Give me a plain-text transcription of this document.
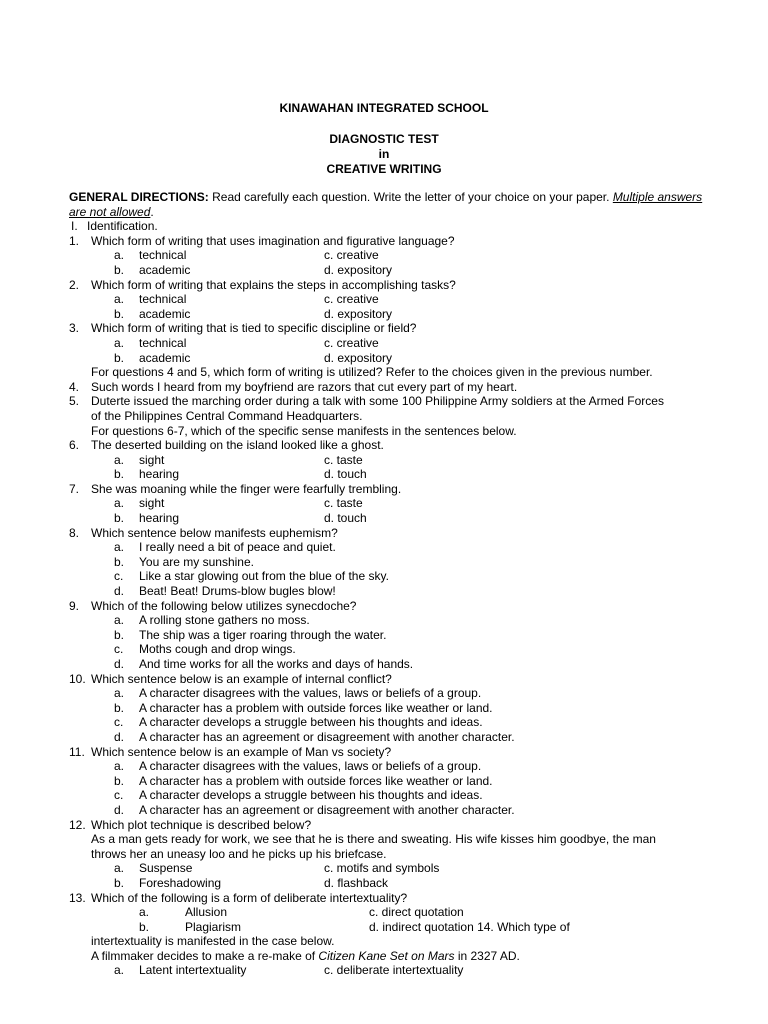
KINAWAHAN INTEGRATED SCHOOL
DIAGNOSTIC TEST
in
CREATIVE WRITING
GENERAL DIRECTIONS: Read carefully each question. Write the letter of your choice on your paper. Multiple answers are not allowed.
I. Identification.
1. Which form of writing that uses imagination and figurative language?
a. technical	c. creative
b. academic	d. expository
2. Which form of writing that explains the steps in accomplishing tasks?
a. technical	c. creative
b. academic	d. expository
3. Which form of writing that is tied to specific discipline or field?
a. technical	c. creative
b. academic	d. expository
For questions 4 and 5, which form of writing is utilized? Refer to the choices given in the previous number.
4. Such words I heard from my boyfriend are razors that cut every part of my heart.
5. Duterte issued the marching order during a talk with some 100 Philippine Army soldiers at the Armed Forces
of the Philippines Central Command Headquarters.
For questions 6-7, which of the specific sense manifests in the sentences below.
6. The deserted building on the island looked like a ghost.
a. sight	c. taste
b. hearing	d. touch
7. She was moaning while the finger were fearfully trembling.
a. sight	c. taste
b. hearing	d. touch
8. Which sentence below manifests euphemism?
a. I really need a bit of peace and quiet.
b. You are my sunshine.
c. Like a star glowing out from the blue of the sky.
d. Beat! Beat! Drums-blow bugles blow!
9. Which of the following below utilizes synecdoche?
a. A rolling stone gathers no moss.
b. The ship was a tiger roaring through the water.
c. Moths cough and drop wings.
d. And time works for all the works and days of hands.
10. Which sentence below is an example of internal conflict?
a. A character disagrees with the values, laws or beliefs of a group.
b. A character has a problem with outside forces like weather or land.
c. A character develops a struggle between his thoughts and ideas.
d. A character has an agreement or disagreement with another character.
11. Which sentence below is an example of Man vs society?
a. A character disagrees with the values, laws or beliefs of a group.
b. A character has a problem with outside forces like weather or land.
c. A character develops a struggle between his thoughts and ideas.
d. A character has an agreement or disagreement with another character.
12. Which plot technique is described below?
As a man gets ready for work, we see that he is there and sweating. His wife kisses him goodbye, the man
throws her an uneasy loo and he picks up his briefcase.
a. Suspense	c. motifs and symbols
b. Foreshadowing	d. flashback
13. Which of the following is a form of deliberate intertextuality?
a.	Allusion	c. direct quotation
b.	Plagiarism	d. indirect quotation 14. Which type of
intertextuality is manifested in the case below.
A filmmaker decides to make a re-make of Citizen Kane Set on Mars in 2327 AD.
a. Latent intertextuality	c. deliberate intertextuality
